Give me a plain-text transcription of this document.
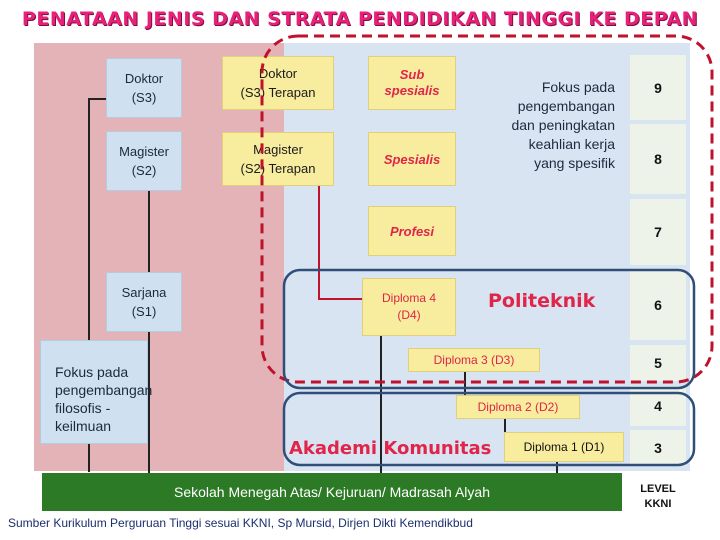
PENATAAN JENIS DAN STRATA PENDIDIKAN TINGGI KE DEPAN
Doktor
(S3)
Magister
(S2)
Sarjana
(S1)
Fokus pada
pengembangan
filosofis -
keilmuan
Doktor
(S3) Terapan
Magister
(S2) Terapan
Sub
spesialis
Spesialis
Profesi
Fokus pada
pengembangan
dan peningkatan
keahlian kerja
yang spesifik
Diploma 4
(D4)
Politeknik
Diploma 3 (D3)
Diploma 2 (D2)
Diploma 1 (D1)
Akademi Komunitas
9
8
7
6
5
4
3
LEVEL
KKNI
Sekolah Menegah Atas/ Kejuruan/ Madrasah Alyah
Sumber Kurikulum Perguruan Tinggi sesuai KKNI, Sp Mursid, Dirjen Dikti Kemendikbud
